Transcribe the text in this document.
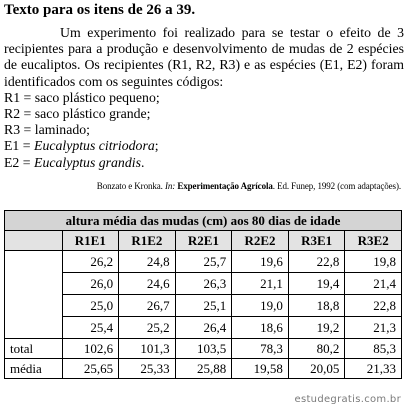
Texto para os itens de 26 a 39.

Um experimento foi realizado para se testar o efeito de 3 recipientes para a produção e desenvolvimento de mudas de 2 espécies de eucaliptos. Os recipientes (R1, R2, R3) e as espécies (E1, E2) foram identificados com os seguintes códigos:

R1 = saco plástico pequeno;

R2 = saco plástico grande;

R3 = laminado;

E1 = Eucalyptus citriodora;

E2 = Eucalyptus grandis.

Bonzato e Kronka. In: Experimentação Agrícola. Ed. Funep, 1992 (com adaptações).
altura média das mudas (cm) aos 80 dias de idade						
	R1E1	R1E2	R2E1	R2E2	R3E1	R3E2
	26,2	24,8	25,7	19,6	22,8	19,8
	26,0	24,6	26,3	21,1	19,4	21,4
	25,0	26,7	25,1	19,0	18,8	22,8
	25,4	25,2	26,4	18,6	19,2	21,3
total	102,6	101,3	103,5	78,3	80,2	85,3
média	25,65	25,33	25,88	19,58	20,05	21,33
estudegratis.com.br
